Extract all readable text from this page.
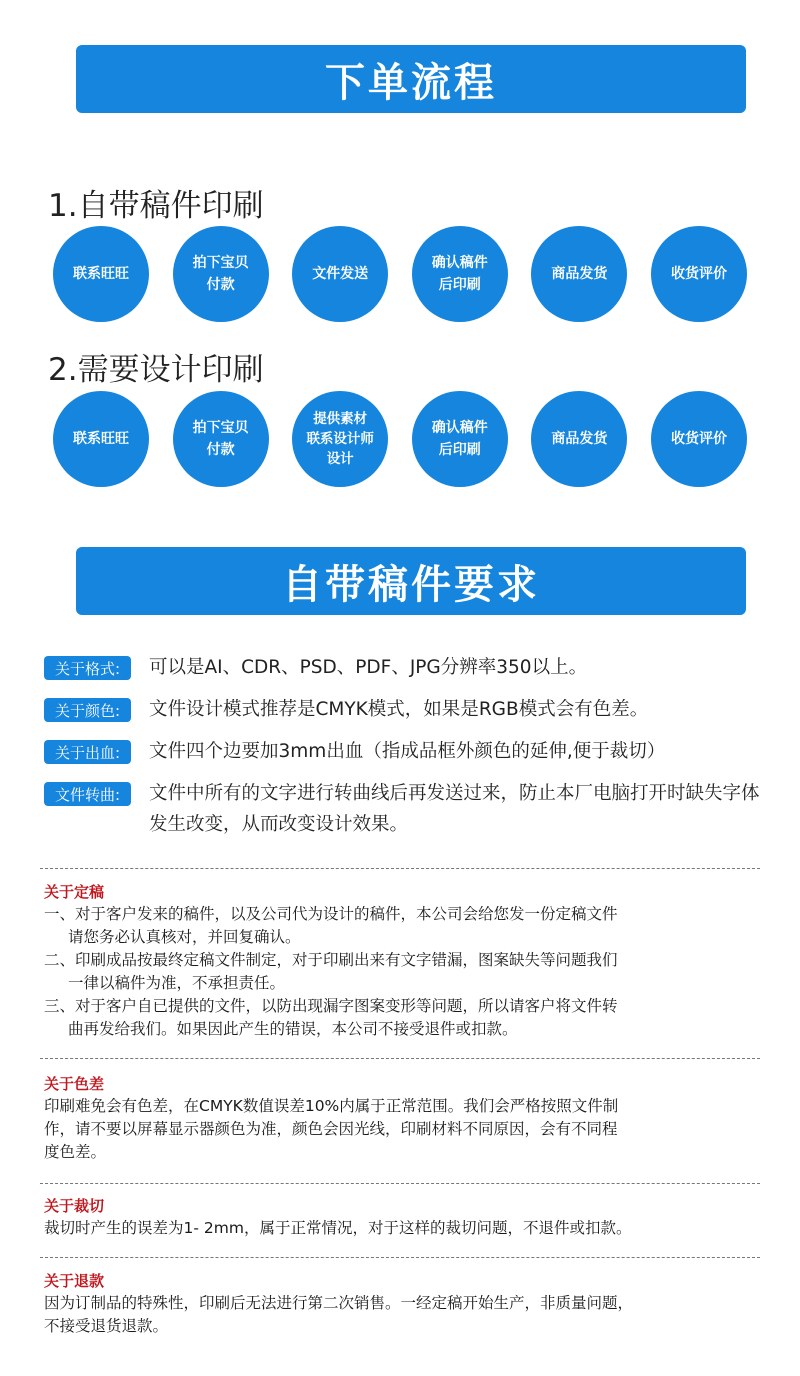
下单流程
1.自带稿件印刷
联系旺旺
拍下宝贝
付款
文件发送
确认稿件
后印刷
商品发货	收货评价
2.需要设计印刷
联系旺旺
拍下宝贝
付款
提供素材
联系设计师
设计
确认稿件
后印刷
商品发货	收货评价
自带稿件要求
关于格式:	可以是AI、CDR、PSD、PDF、JPG分辨率350以上。
关于颜色:	文件设计模式推荐是CMYK模式，如果是RGB模式会有色差。
关于出血:	文件四个边要加3mm出血（指成品框外颜色的延伸,便于裁切）
文件转曲:	文件中所有的文字进行转曲线后再发送过来，防止本厂电脑打开时缺失字体发生改变，从而改变设计效果。
关于定稿
一、对于客户发来的稿件，以及公司代为设计的稿件，本公司会给您发一份定稿文件
请您务必认真核对，并回复确认。
二、印刷成品按最终定稿文件制定，对于印刷出来有文字错漏，图案缺失等问题我们
一律以稿件为准，不承担责任。
三、对于客户自已提供的文件，以防出现漏字图案变形等问题，所以请客户将文件转
曲再发给我们。如果因此产生的错误，本公司不接受退件或扣款。
关于色差
印刷难免会有色差，在CMYK数值误差10%内属于正常范围。我们会严格按照文件制
作，请不要以屏幕显示器颜色为准，颜色会因光线，印刷材料不同原因，会有不同程
度色差。
关于裁切
裁切时产生的误差为1- 2mm，属于正常情况，对于这样的裁切问题，不退件或扣款。
关于退款
因为订制品的特殊性，印刷后无法进行第二次销售。一经定稿开始生产，非质量问题，
不接受退货退款。
